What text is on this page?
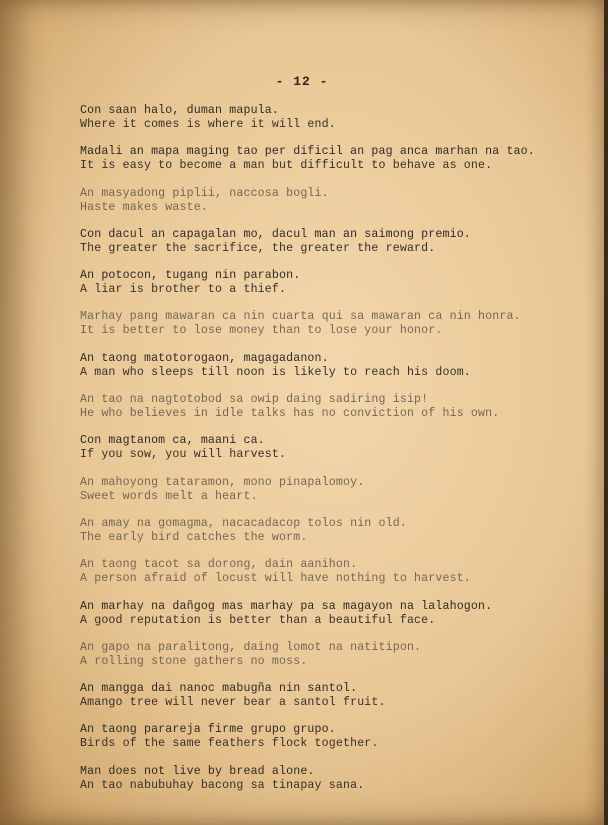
- 12 -
Con saan halo, duman mapula.
Where it comes is where it will end.
Madali an mapa maging tao per dificil an pag anca marhan na tao.
It is easy to become a man but difficult to behave as one.
An masyadong piplii, naccosa bogli.
Haste makes waste.
Con dacul an capagalan mo, dacul man an saimong premio.
The greater the sacrifice, the greater the reward.
An potocon, tugang nin parabon.
A liar is brother to a thief.
Marhay pang mawaran ca nin cuarta qui sa mawaran ca nin honra.
It is better to lose money than to lose your honor.
An taong matotorogaon, magagadanon.
A man who sleeps till noon is likely to reach his doom.
An tao na nagtotobod sa owip daing sadiring isip!
He who believes in idle talks has no conviction of his own.
Con magtanom ca, maani ca.
If you sow, you will harvest.
An mahoyong tataramon, mono pinapalomoy.
Sweet words melt a heart.
An amay na gomagma, nacacadacop tolos nin old.
The early bird catches the worm.
An taong tacot sa dorong, dain aanihon.
A person afraid of locust will have nothing to harvest.
An marhay na dañgog mas marhay pa sa magayon na lalahogon.
A good reputation is better than a beautiful face.
An gapo na paralitong, daing lomot na natitipon.
A rolling stone gathers no moss.
An mangga dai nanoc mabugña nin santol.
Amango tree will never bear a santol fruit.
An taong parareja firme grupo grupo.
Birds of the same feathers flock together.
Man does not live by bread alone.
An tao nabubuhay bacong sa tinapay sana.
